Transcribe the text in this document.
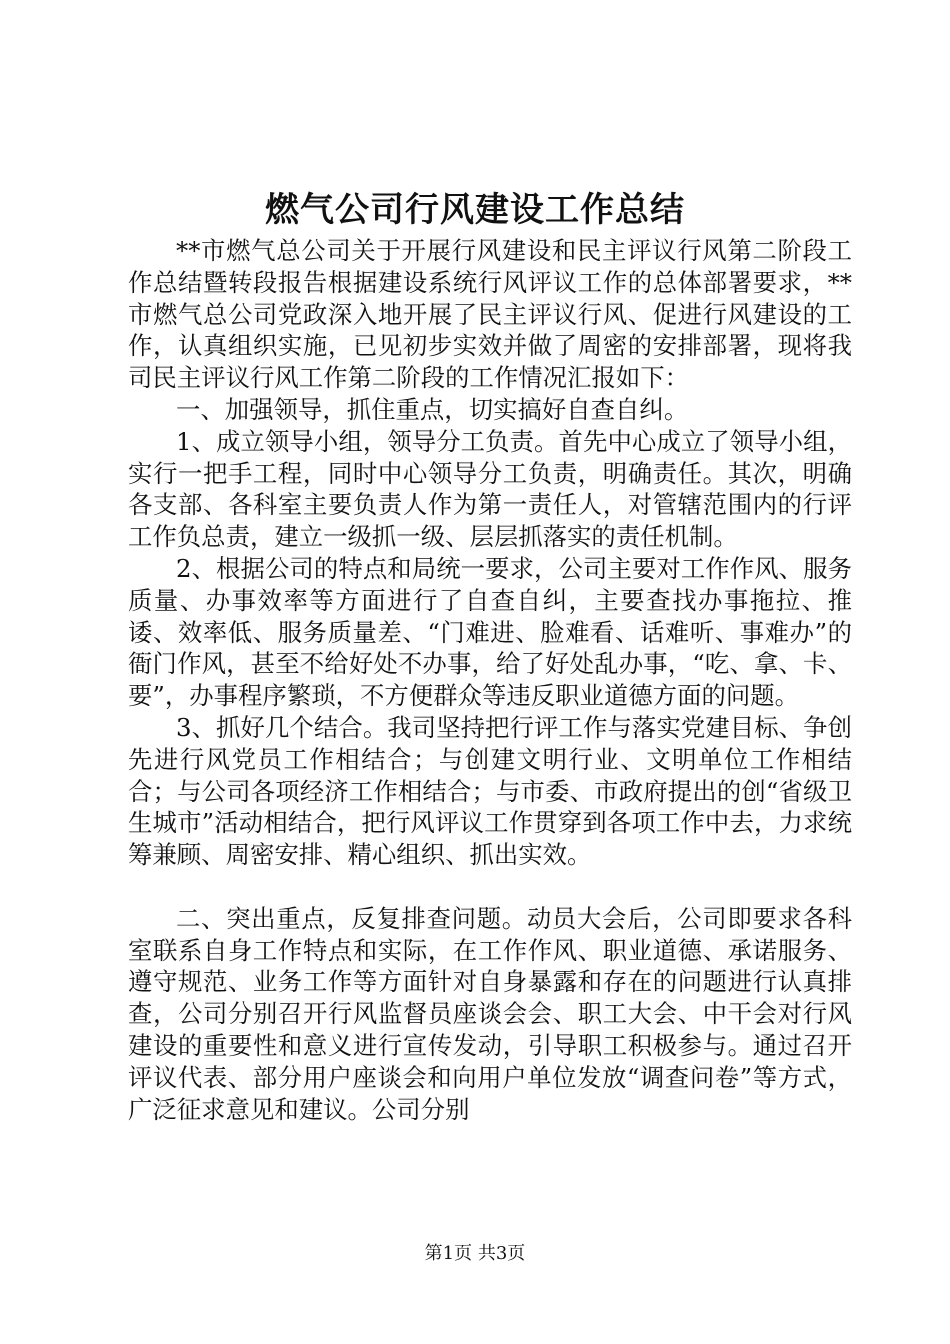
燃气公司行风建设工作总结

**市燃气总公司关于开展行风建设和民主评议行风第二阶段工作总结暨转段报告根据建设系统行风评议工作的总体部署要求，**市燃气总公司党政深入地开展了民主评议行风、促进行风建设的工作，认真组织实施，已见初步实效并做了周密的安排部署，现将我司民主评议行风工作第二阶段的工作情况汇报如下：

一、加强领导，抓住重点，切实搞好自查自纠。

1、成立领导小组，领导分工负责。首先中心成立了领导小组，实行一把手工程，同时中心领导分工负责，明确责任。其次，明确各支部、各科室主要负责人作为第一责任人，对管辖范围内的行评工作负总责，建立一级抓一级、层层抓落实的责任机制。

2、根据公司的特点和局统一要求，公司主要对工作作风、服务质量、办事效率等方面进行了自查自纠，主要查找办事拖拉、推诿、效率低、服务质量差、“门难进、脸难看、话难听、事难办”的衙门作风，甚至不给好处不办事，给了好处乱办事，“吃、拿、卡、要”，办事程序繁琐，不方便群众等违反职业道德方面的问题。

3、抓好几个结合。我司坚持把行评工作与落实党建目标、争创先进行风党员工作相结合；与创建文明行业、文明单位工作相结合；与公司各项经济工作相结合；与市委、市政府提出的创“省级卫生城市”活动相结合，把行风评议工作贯穿到各项工作中去，力求统筹兼顾、周密安排、精心组织、抓出实效。

二、突出重点，反复排查问题。动员大会后，公司即要求各科室联系自身工作特点和实际，在工作作风、职业道德、承诺服务、遵守规范、业务工作等方面针对自身暴露和存在的问题进行认真排查，公司分别召开行风监督员座谈会会、职工大会、中干会对行风建设的重要性和意义进行宣传发动，引导职工积极参与。通过召开评议代表、部分用户座谈会和向用户单位发放“调查问卷”等方式，广泛征求意见和建议。公司分别

第1页 共3页
